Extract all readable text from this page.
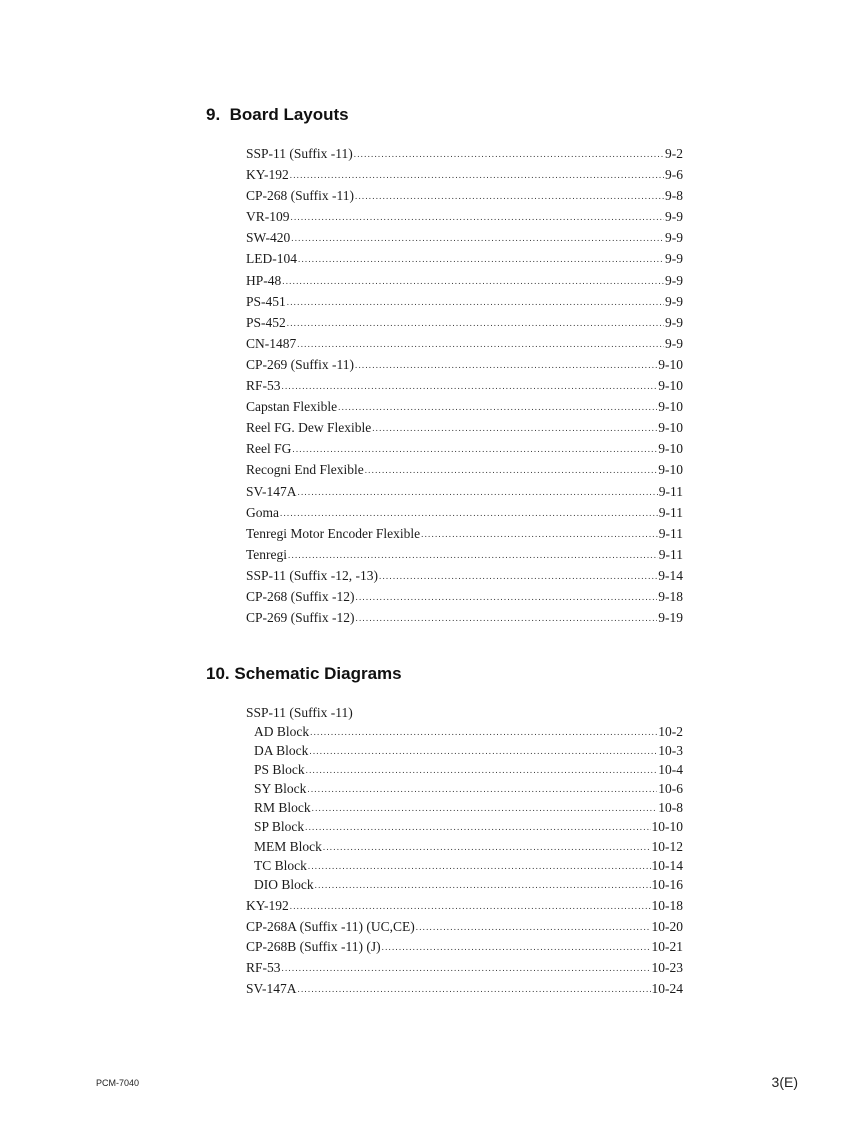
9.  Board Layouts
SSP-11 (Suffix -11) .....	9-2
KY-192 .....	9-6
CP-268 (Suffix -11) .....	9-8
VR-109 .....	9-9
SW-420 .....	9-9
LED-104 .....	9-9
HP-48 .....	9-9
PS-451 .....	9-9
PS-452 .....	9-9
CN-1487 .....	9-9
CP-269 (Suffix -11) .....	9-10
RF-53 .....	9-10
Capstan Flexible .....	9-10
Reel FG. Dew Flexible .....	9-10
Reel FG .....	9-10
Recogni End Flexible .....	9-10
SV-147A .....	9-11
Goma .....	9-11
Tenregi Motor Encoder Flexible .....	9-11
Tenregi .....	9-11
SSP-11 (Suffix -12, -13) .....	9-14
CP-268 (Suffix -12) .....	9-18
CP-269 (Suffix -12) .....	9-19
10. Schematic Diagrams
SSP-11 (Suffix -11)
AD Block .....	10-2
DA Block .....	10-3
PS Block .....	10-4
SY Block .....	10-6
RM Block .....	10-8
SP Block .....	10-10
MEM Block .....	10-12
TC Block .....	10-14
DIO Block .....	10-16
KY-192 .....	10-18
CP-268A (Suffix -11) (UC,CE) .....	10-20
CP-268B (Suffix -11) (J) .....	10-21
RF-53 .....	10-23
SV-147A .....	10-24
PCM-7040	3(E)
